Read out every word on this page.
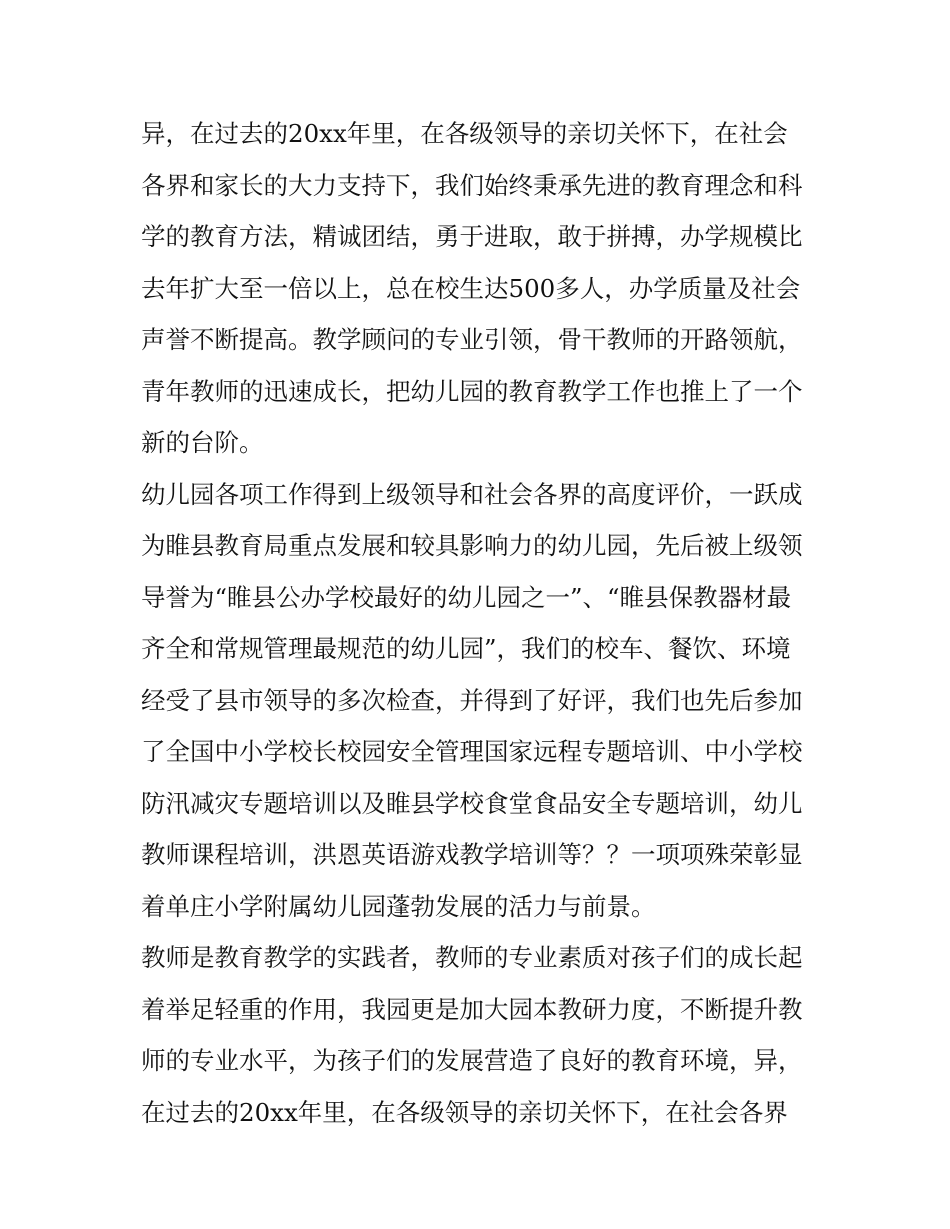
异，在过去的20xx年里，在各级领导的亲切关怀下，在社会
各界和家长的大力支持下，我们始终秉承先进的教育理念和科
学的教育方法，精诚团结，勇于进取，敢于拼搏，办学规模比
去年扩大至一倍以上，总在校生达500多人，办学质量及社会
声誉不断提高。教学顾问的专业引领，骨干教师的开路领航，
青年教师的迅速成长，把幼儿园的教育教学工作也推上了一个
新的台阶。
幼儿园各项工作得到上级领导和社会各界的高度评价，一跃成
为睢县教育局重点发展和较具影响力的幼儿园，先后被上级领
导誉为“睢县公办学校最好的幼儿园之一”、“睢县保教器材最
齐全和常规管理最规范的幼儿园”，我们的校车、餐饮、环境
经受了县市领导的多次检查，并得到了好评，我们也先后参加
了全国中小学校长校园安全管理国家远程专题培训、中小学校
防汛减灾专题培训以及睢县学校食堂食品安全专题培训，幼儿
教师课程培训，洪恩英语游戏教学培训等？？一项项殊荣彰显
着单庄小学附属幼儿园蓬勃发展的活力与前景。
教师是教育教学的实践者，教师的专业素质对孩子们的成长起
着举足轻重的作用，我园更是加大园本教研力度，不断提升教
师的专业水平，为孩子们的发展营造了良好的教育环境，异，
在过去的20xx年里，在各级领导的亲切关怀下，在社会各界
